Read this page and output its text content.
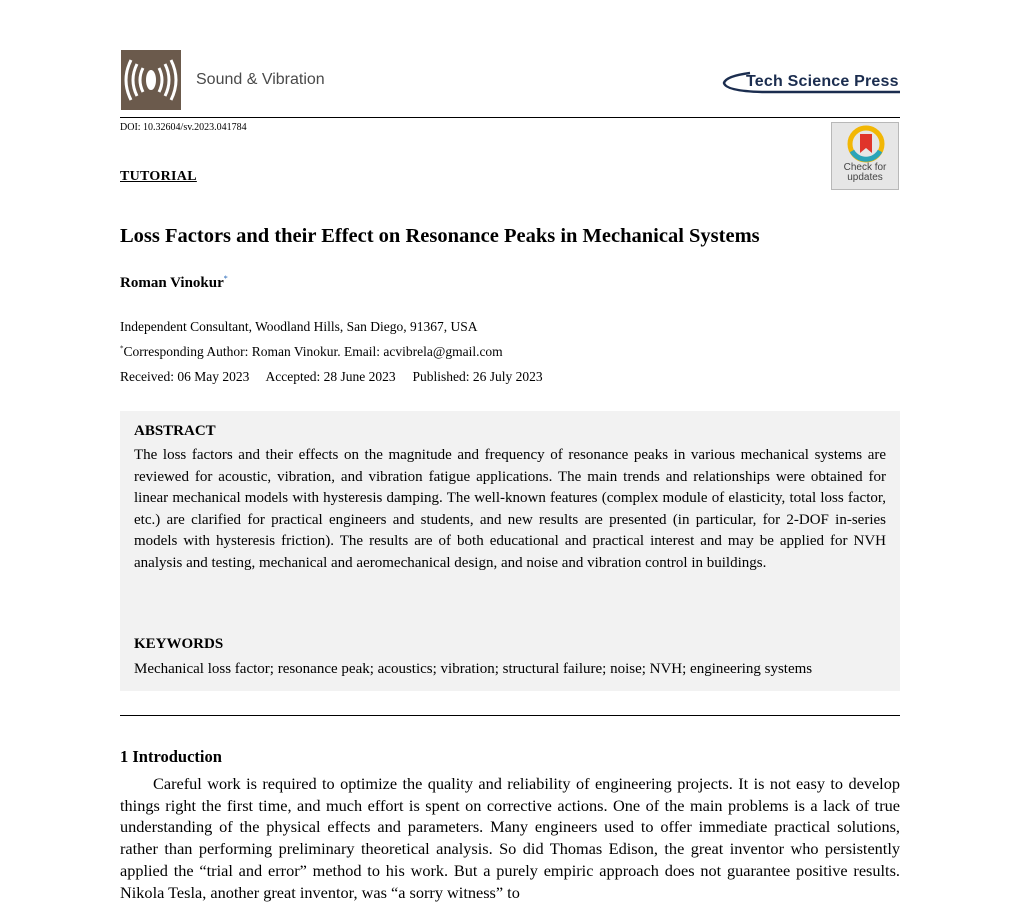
Sound & Vibration	Tech Science Press
DOI: 10.32604/sv.2023.041784
Check for
updates
TUTORIAL
Loss Factors and their Effect on Resonance Peaks in Mechanical Systems
Roman Vinokur*
Independent Consultant, Woodland Hills, San Diego, 91367, USA
*Corresponding Author: Roman Vinokur. Email: acvibrela@gmail.com
Received: 06 May 2023 Accepted: 28 June 2023 Published: 26 July 2023
ABSTRACT
The loss factors and their effects on the magnitude and frequency of resonance peaks in various mechanical systems are reviewed for acoustic, vibration, and vibration fatigue applications. The main trends and relationships were obtained for linear mechanical models with hysteresis damping. The well-known features (complex module of elasticity, total loss factor, etc.) are clarified for practical engineers and students, and new results are presented (in particular, for 2-DOF in-series models with hysteresis friction). The results are of both educational and practical interest and may be applied for NVH analysis and testing, mechanical and aeromechanical design, and noise and vibration control in buildings.
KEYWORDS
Mechanical loss factor; resonance peak; acoustics; vibration; structural failure; noise; NVH; engineering systems
1 Introduction
Careful work is required to optimize the quality and reliability of engineering projects. It is not easy to develop things right the first time, and much effort is spent on corrective actions. One of the main problems is a lack of true understanding of the physical effects and parameters. Many engineers used to offer immediate practical solutions, rather than performing preliminary theoretical analysis. So did Thomas Edison, the great inventor who persistently applied the “trial and error” method to his work. But a purely empiric approach does not guarantee positive results. Nikola Tesla, another great inventor, was “a sorry witness” to
